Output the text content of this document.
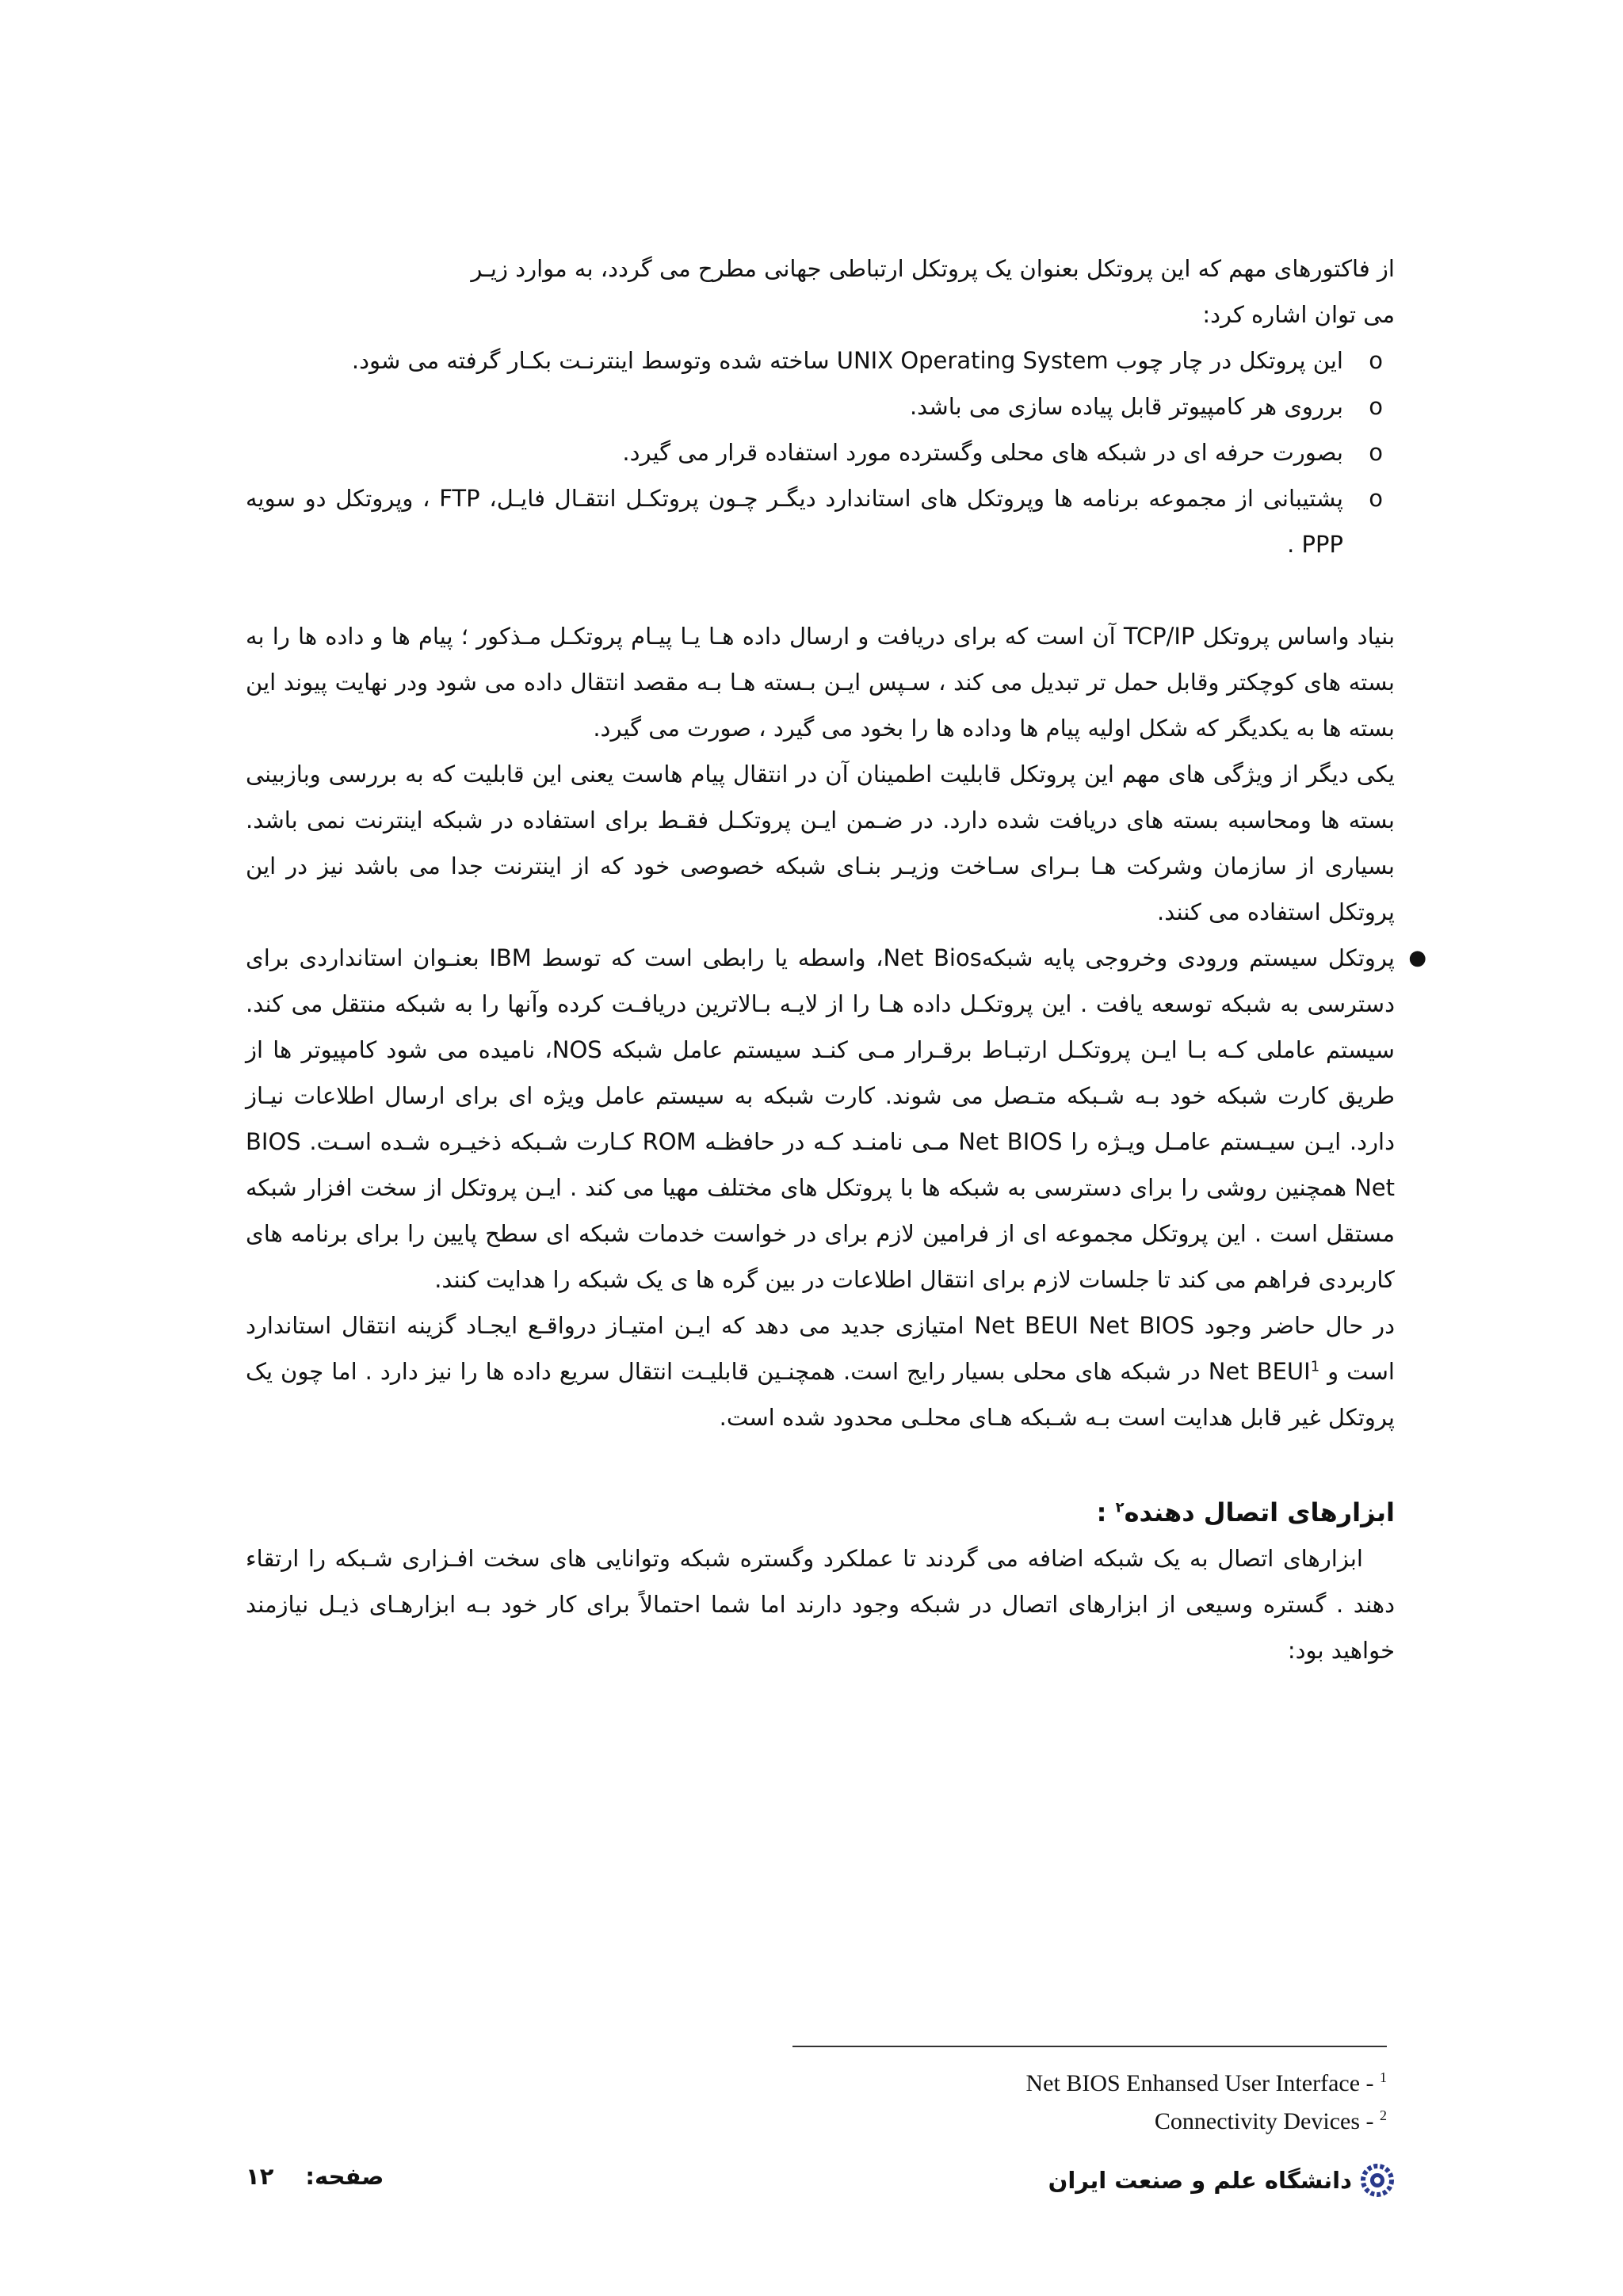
از فاکتورهای مهم که این پروتکل بعنوان یک پروتکل ارتباطی جهانی مطرح می گردد، به موارد زیـر

می توان اشاره کرد:

o این پروتکل در چار چوب UNIX Operating System ساخته شده وتوسط اینترنـت بکـار گرفته می شود.
o برروی هر کامپیوتر قابل پیاده سازی می باشد.
o بصورت حرفه ای در شبکه های محلی وگسترده مورد استفاده قرار می گیرد.
o پشتیبانی از مجموعه برنامه ها وپروتکل های استاندارد دیگـر چـون پروتکـل انتقـال فایـل، FTP ، وپروتکل دو سویه PPP .

بنیاد واساس پروتکل TCP/IP آن است که برای دریافت و ارسال داده هـا یـا پیـام پروتکـل مـذکور ؛ پیام ها و داده ها را به بسته های کوچکتر وقابل حمل تر تبدیل می کند ، سـپس ایـن بـسته هـا بـه مقصد انتقال داده می شود ودر نهایت پیوند این بسته ها به یکدیگر که شکل اولیه پیام ها وداده ها را بخود می گیرد ، صورت می گیرد.

یکی دیگر از ویژگی های مهم این پروتکل قابلیت اطمینان آن در انتقال پیام هاست یعنی این قابلیت که به بررسی وبازبینی بسته ها ومحاسبه بسته های دریافت شده دارد. در ضـمن ایـن پروتکـل فقـط برای استفاده در شبکه اینترنت نمی باشد. بسیاری از سازمان وشرکت هـا بـرای سـاخت وزیـر بنـای شبکه خصوصی خود که از اینترنت جدا می باشد نیز در این پروتکل استفاده می کنند.

●
پروتکل سیستم ورودی وخروجی پایه شبکهNet Bios، واسطه یا رابطی است که توسط IBM بعنـوان استانداردی برای دسترسی به شبکه توسعه یافت . این پروتکـل داده هـا را از لایـه بـالاترین دریافـت کرده وآنها را به شبکه منتقل می کند. سیستم عاملی کـه بـا ایـن پروتکـل ارتبـاط برقـرار مـی کنـد سیستم عامل شبکه NOS، نامیده می شود کامپیوتر ها از طریق کارت شبکه خود بـه شـبکه متـصل می شوند. کارت شبکه به سیستم عامل ویژه ای برای ارسال اطلاعات نیـاز دارد. ایـن سیـستم عامـل ویـژه را Net BIOS مـی نامنـد کـه در حافظـه ROM کـارت شـبکه ذخیـره شـده اسـت. BIOS Net همچنین روشی را برای دسترسی به شبکه ها با پروتکل های مختلف مهیا می کند . ایـن پروتکل از سخت افزار شبکه مستقل است . این پروتکل مجموعه ای از فرامین لازم برای در خواست خدمات شبکه ای سطح پایین را برای برنامه های کاربردی فراهم می کند تا جلسات لازم برای انتقال اطلاعات در بین گره ها ی یک شبکه را هدایت کنند.

در حال حاضر وجود Net BEUI Net BIOS امتیازی جدید می دهد که ایـن امتیـاز درواقـع ایجـاد گزینه انتقال استاندارد است و Net BEUI$^1$ در شبکه های محلی بسیار رایج است. همچنـین قابلیـت انتقال سریع داده ها را نیز دارد . اما چون یک پروتکل غیر قابل هدایت است بـه شـبکه هـای محلـی محدود شده است.

ابزارهای اتصال دهنده$^۲$ :

ابزارهای اتصال به یک شبکه اضافه می گردند تا عملکرد وگستره شبکه وتوانایی های سخت افـزاری شـبکه را ارتقاء دهند . گستره وسیعی از ابزارهای اتصال در شبکه وجود دارند اما شما احتمالاً برای کار خود بـه ابزارهـای ذیـل نیازمند خواهید بود:

Net BIOS Enhansed User Interface - $^1$
Connectivity Devices - $^2$
دانشگاه علم و صنعت ایران
صفحه:
۱۲
